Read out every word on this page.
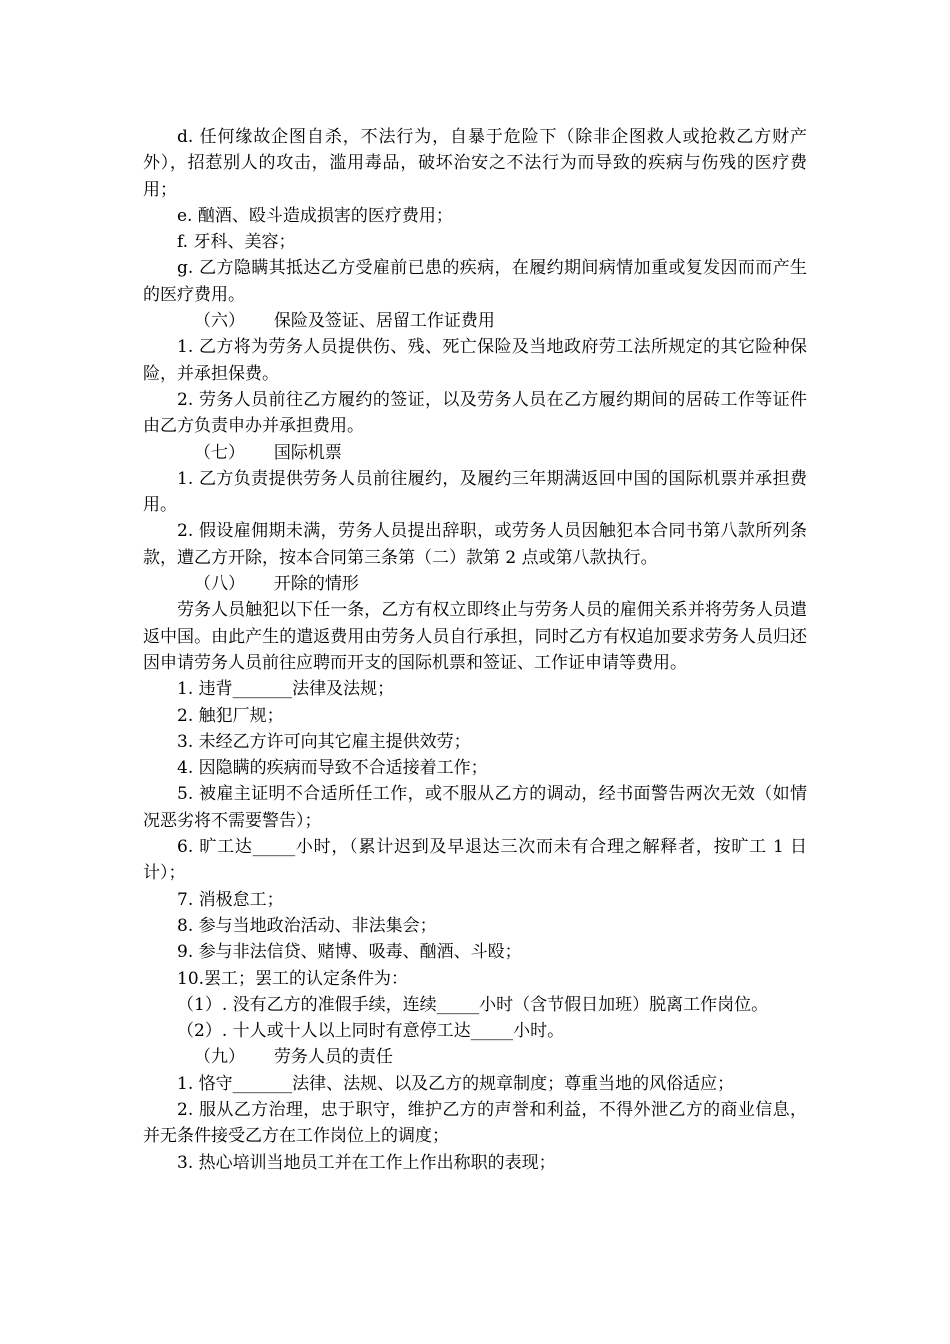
d. 任何缘故企图自杀，不法行为，自暴于危险下（除非企图救人或抢救乙方财产外），招惹别人的攻击，滥用毒品，破坏治安之不法行为而导致的疾病与伤残的医疗费用；

e. 酗酒、殴斗造成损害的医疗费用；

f. 牙科、美容；

g. 乙方隐瞒其抵达乙方受雇前已患的疾病，在履约期间病情加重或复发因而而产生的医疗费用。

（六） 保险及签证、居留工作证费用

1. 乙方将为劳务人员提供伤、残、死亡保险及当地政府劳工法所规定的其它险种保险，并承担保费。

2. 劳务人员前往乙方履约的签证，以及劳务人员在乙方履约期间的居砖工作等证件由乙方负责申办并承担费用。

（七） 国际机票

1. 乙方负责提供劳务人员前往履约，及履约三年期满返回中国的国际机票并承担费用。

2. 假设雇佣期未满，劳务人员提出辞职，或劳务人员因触犯本合同书第八款所列条款，遭乙方开除，按本合同第三条第（二）款第 2 点或第八款执行。

（八） 开除的情形

劳务人员触犯以下任一条，乙方有权立即终止与劳务人员的雇佣关系并将劳务人员遣返中国。由此产生的遣返费用由劳务人员自行承担，同时乙方有权追加要求劳务人员归还因申请劳务人员前往应聘而开支的国际机票和签证、工作证申请等费用。

1. 违背_______法律及法规；

2. 触犯厂规；

3. 未经乙方许可向其它雇主提供效劳；

4. 因隐瞒的疾病而导致不合适接着工作；

5. 被雇主证明不合适所任工作，或不服从乙方的调动，经书面警告两次无效（如情况恶劣将不需要警告）；

6. 旷工达_____小时，（累计迟到及早退达三次而未有合理之解释者，按旷工 1 日计）；

7. 消极怠工；

8. 参与当地政治活动、非法集会；

9. 参与非法信贷、赌博、吸毒、酗酒、斗殴；

10.罢工；罢工的认定条件为：

（1）. 没有乙方的准假手续，连续_____小时（含节假日加班）脱离工作岗位。

（2）. 十人或十人以上同时有意停工达_____小时。

（九） 劳务人员的责任

1. 恪守_______法律、法规、以及乙方的规章制度；尊重当地的风俗适应；

2. 服从乙方治理，忠于职守，维护乙方的声誉和利益，不得外泄乙方的商业信息，并无条件接受乙方在工作岗位上的调度；

3. 热心培训当地员工并在工作上作出称职的表现；
